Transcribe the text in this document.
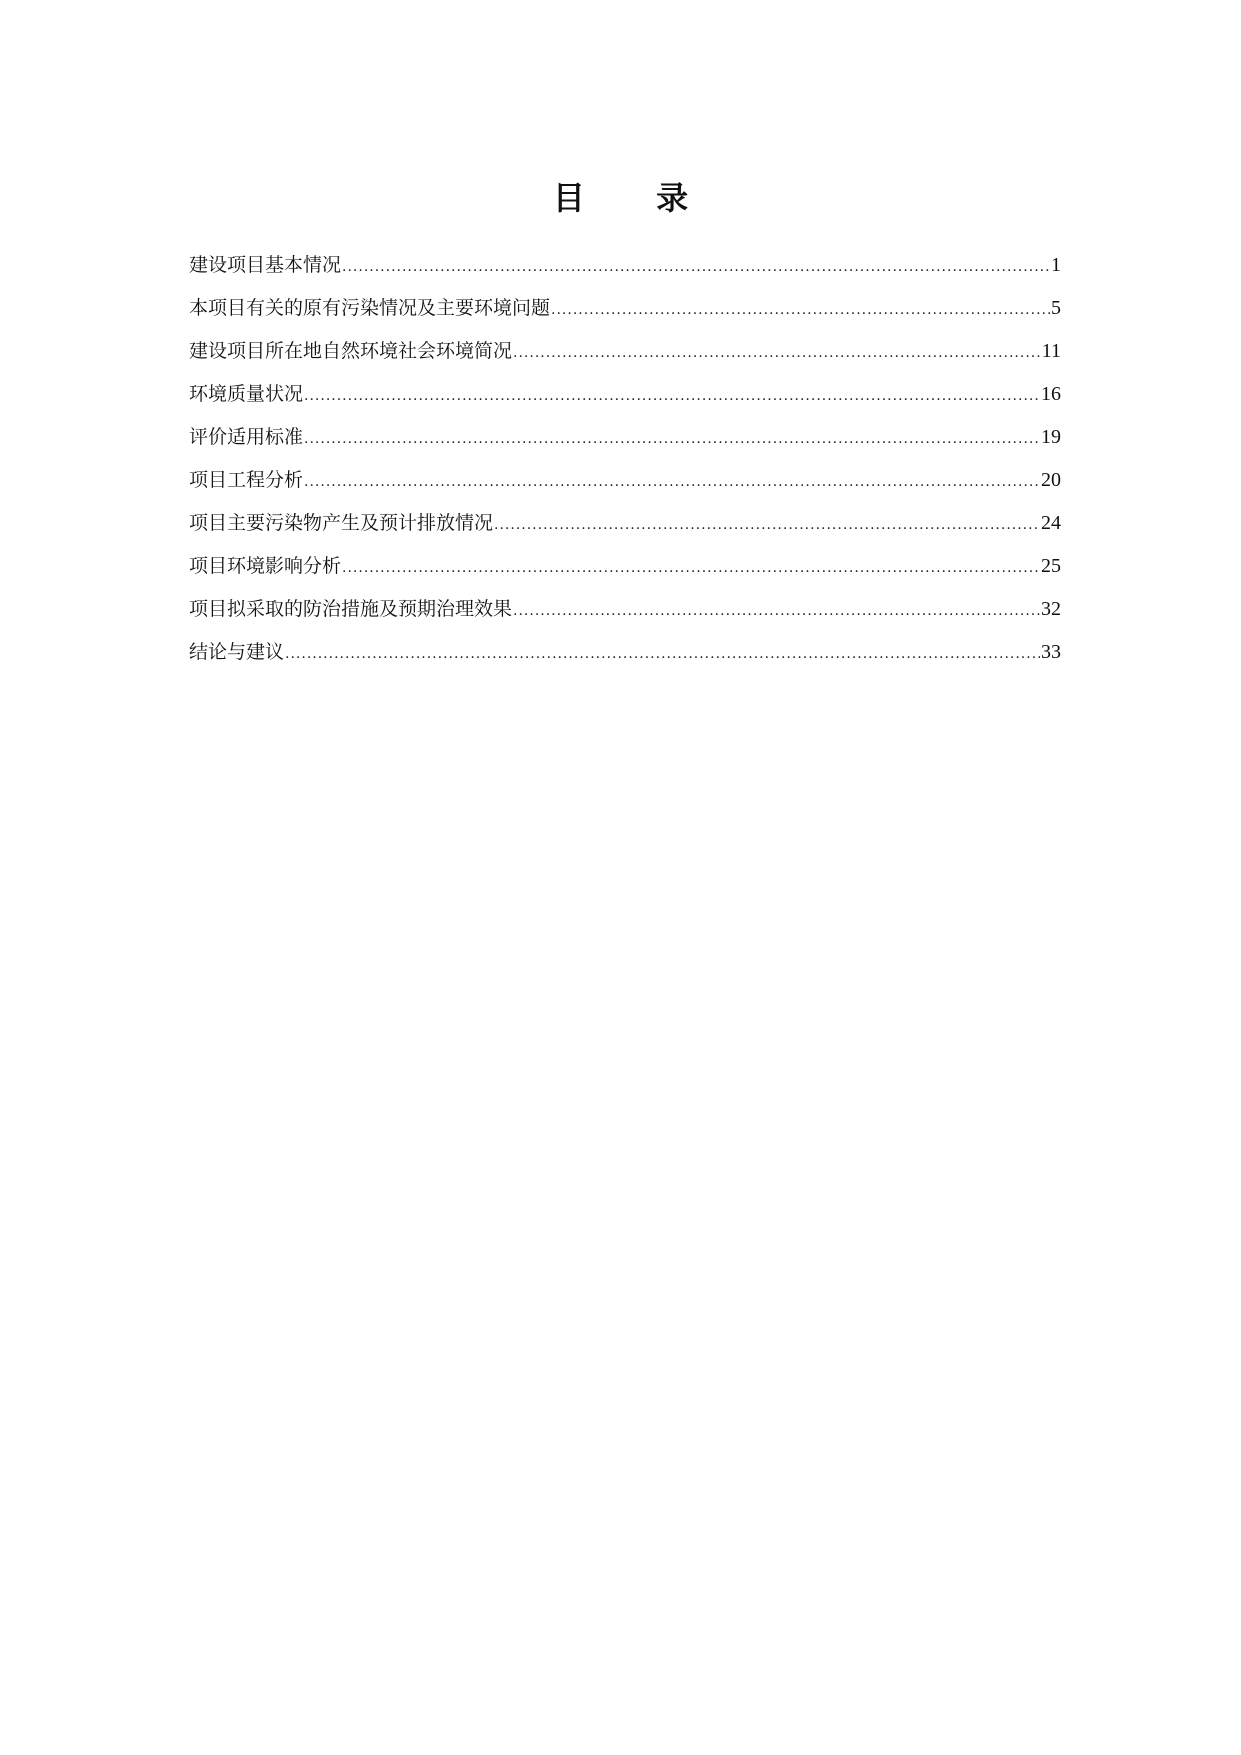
目 录
建设项目基本情况 .....	1
本项目有关的原有污染情况及主要环境问题 .....	5
建设项目所在地自然环境社会环境简况 .....	11
环境质量状况 .....	16
评价适用标准 .....	19
项目工程分析 .....	20
项目主要污染物产生及预计排放情况 .....	24
项目环境影响分析 .....	25
项目拟采取的防治措施及预期治理效果 .....	32
结论与建议 .....	33
